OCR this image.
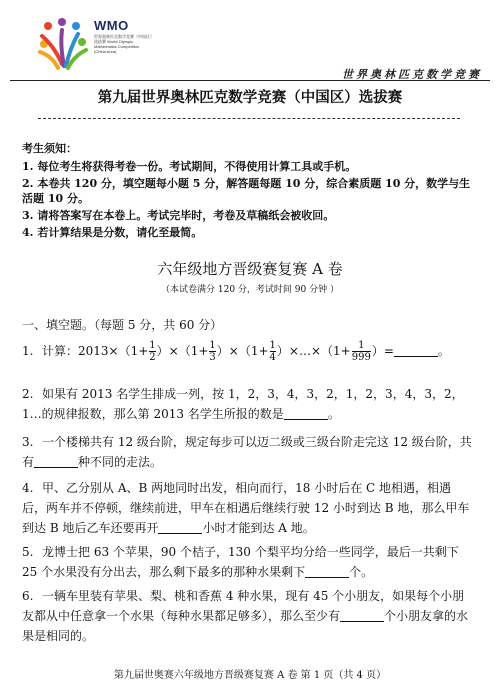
WMO
世界奥林匹克数学竞赛（中国区）选拔赛 World Olympic Mathematics Competition (China Area)
世界奥林匹克数学竞赛
第九届世界奥林匹克数学竞赛（中国区）选拔赛
考生须知：
1. 每位考生将获得考卷一份。考试期间，不得使用计算工具或手机。
2. 本卷共 120 分，填空题每小题 5 分，解答题每题 10 分，综合素质题 10 分，数学与生活题 10 分。
3. 请将答案写在本卷上。考试完毕时，考卷及草稿纸会被收回。
4. 若计算结果是分数，请化至最简。
六年级地方晋级赛复赛 A 卷
（本试卷满分 120 分，考试时间 90 分钟 ）
一、填空题。（每题 5 分，共 60 分）
1. 计算：$2013\times(1+ \frac{1}{2} )\times(1+ \frac{1}{3} )\times(1+ \frac{1}{4}$ ）×…×（1+ $\frac{1}{999}$ ）=	。
2. 如果有 2013 名学生排成一列，按 1，2，3，4，3，2，1，2，3，4，3，2，1…的规律报数，那么第 2013 名学生所报的数是	。
3. 一个楼梯共有 12 级台阶，规定每步可以迈二级或三级台阶走完这 12 级台阶，共有	种不同的走法。
4. 甲、乙分别从 A、B 两地同时出发，相向而行，18 小时后在 C 地相遇，相遇后，两车并不停顿，继续前进，甲车在相遇后继续行驶 12 小时到达 B 地，那么甲车到达 B 地后乙车还要再开	小时才能到达 A 地。
5. 龙博士把 63 个苹果，90 个桔子，130 个梨平均分给一些同学，最后一共剩下 25 个水果没有分出去，那么剩下最多的那种水果剩下	个。
6. 一辆车里装有苹果、梨、桃和香蕉 4 种水果，现有 45 个小朋友，如果每个小朋友都从中任意拿一个水果（每种水果都足够多），那么至少有	个小朋友拿的水果是相同的。
第九届世奥赛六年级地方晋级赛复赛 A 卷 第 1 页（共 4 页）
